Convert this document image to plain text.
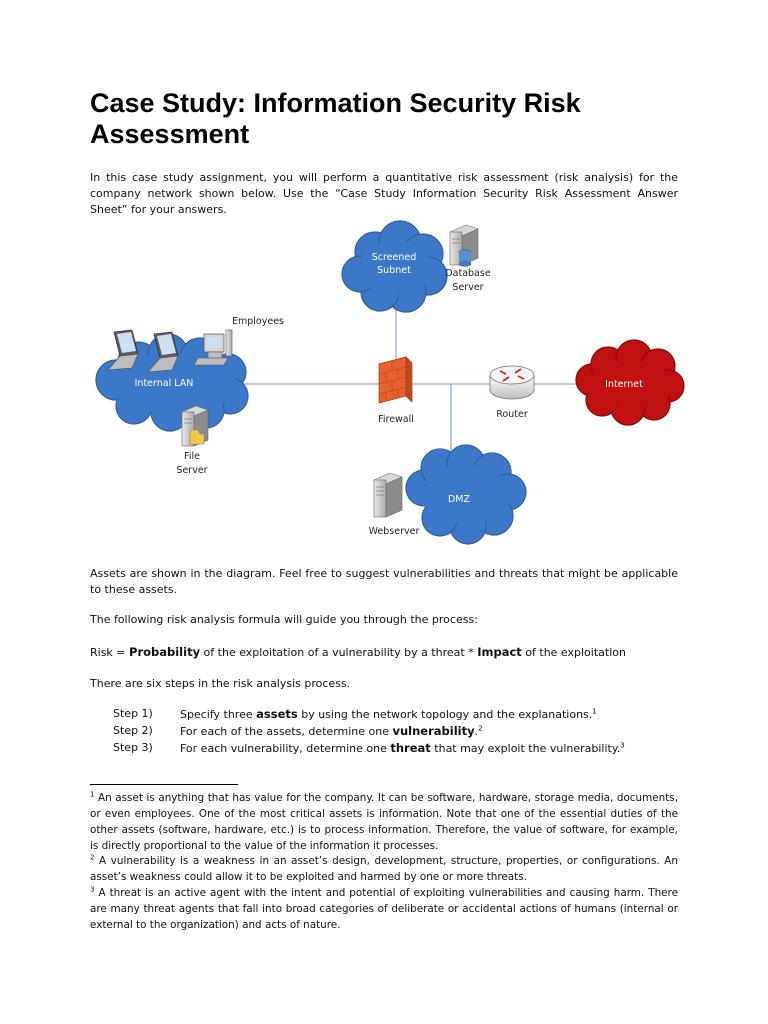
Case Study: Information Security Risk Assessment

In this case study assignment, you will perform a quantitative risk assessment (risk analysis) for the company network shown below. Use the “Case Study Information Security Risk Assessment Answer Sheet” for your answers.

Screened
Subnet	Database
Server
Employees
Internal LAN
File
Server
Firewall	Router
Internet
DMZ
Webserver

Assets are shown in the diagram. Feel free to suggest vulnerabilities and threats that might be applicable to these assets.

The following risk analysis formula will guide you through the process:

Risk = Probability of the exploitation of a vulnerability by a threat * Impact of the exploitation

There are six steps in the risk analysis process.

Step 1)	Specify three assets by using the network topology and the explanations.$^1$
Step 2)	For each of the assets, determine one vulnerability.$^2$
Step 3)	For each vulnerability, determine one threat that may exploit the vulnerability.$^3$

$^1$ An asset is anything that has value for the company. It can be software, hardware, storage media, documents, or even employees. One of the most critical assets is information. Note that one of the essential duties of the other assets (software, hardware, etc.) is to process information. Therefore, the value of software, for example, is directly proportional to the value of the information it processes.

$^2$ A vulnerability is a weakness in an asset’s design, development, structure, properties, or configurations. An asset’s weakness could allow it to be exploited and harmed by one or more threats.

$^3$ A threat is an active agent with the intent and potential of exploiting vulnerabilities and causing harm. There are many threat agents that fall into broad categories of deliberate or accidental actions of humans (internal or external to the organization) and acts of nature.
